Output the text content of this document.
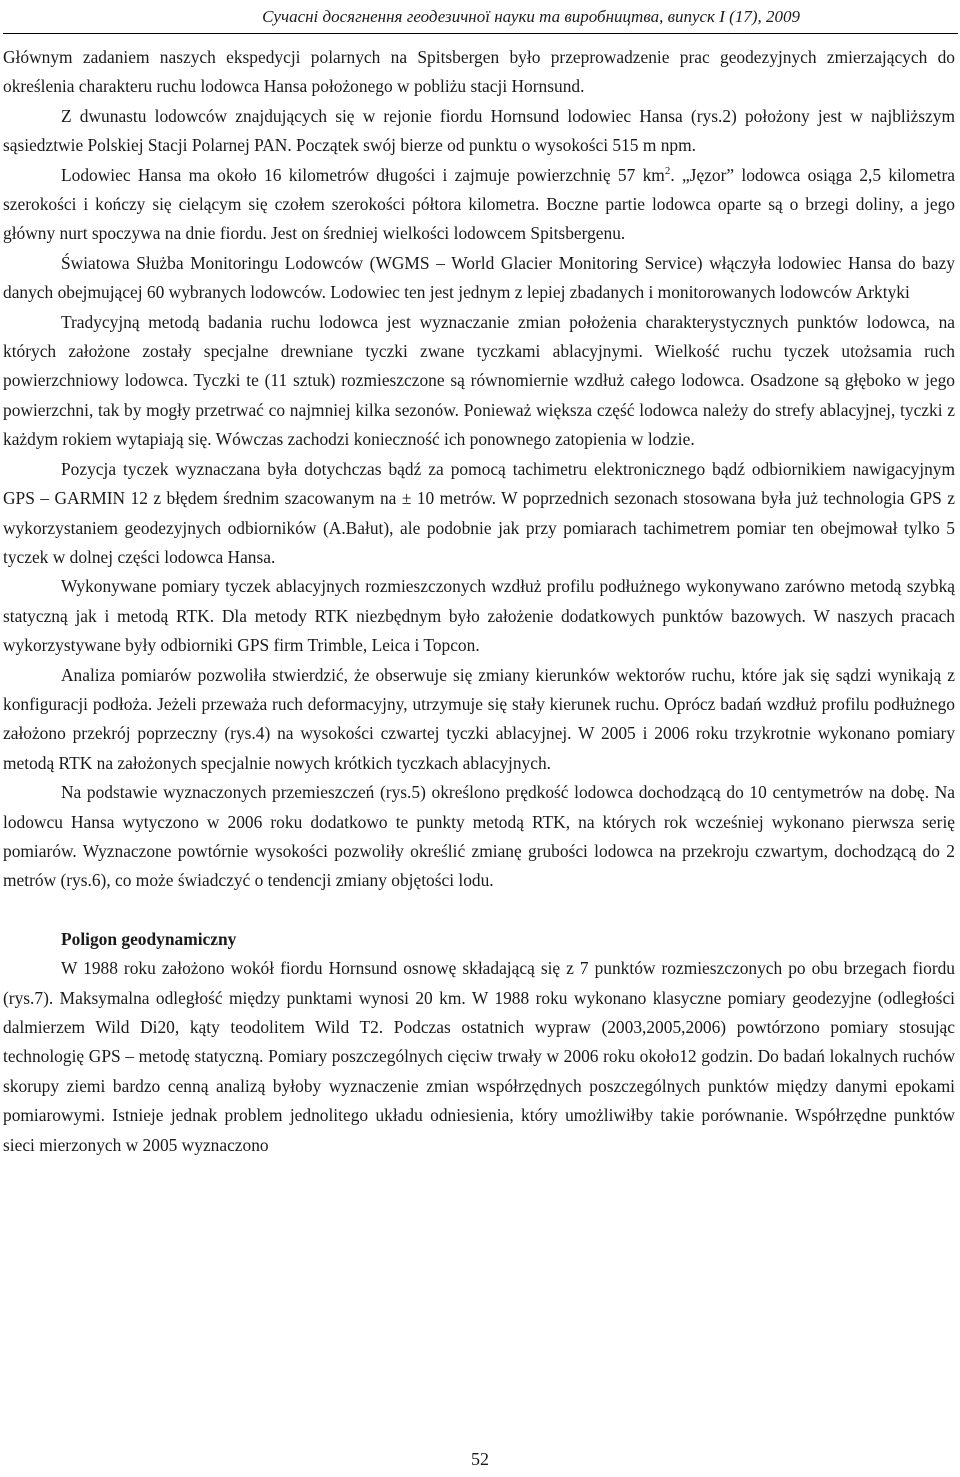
Сучасні досягнення геодезичної науки та виробництва, випуск I (17), 2009

Głównym zadaniem naszych ekspedycji polarnych na Spitsbergen było przeprowadzenie prac geodezyjnych zmierzających do określenia charakteru ruchu lodowca Hansa położonego w pobliżu stacji Hornsund.

Z dwunastu lodowców znajdujących się w rejonie fiordu Hornsund lodowiec Hansa (rys.2) położony jest w najbliższym sąsiedztwie Polskiej Stacji Polarnej PAN. Początek swój bierze od punktu o wysokości 515 m npm.

Lodowiec Hansa ma około 16 kilometrów długości i zajmuje powierzchnię 57 $km^2$. „Jęzor” lodowca osiąga 2,5 kilometra szerokości i kończy się cielącym się czołem szerokości półtora kilometra. Boczne partie lodowca oparte są o brzegi doliny, a jego główny nurt spoczywa na dnie fiordu. Jest on średniej wielkości lodowcem Spitsbergenu.

Światowa Służba Monitoringu Lodowców (WGMS – World Glacier Monitoring Service) włączyła lodowiec Hansa do bazy danych obejmującej 60 wybranych lodowców. Lodowiec ten jest jednym z lepiej zbadanych i monitorowanych lodowców Arktyki

Tradycyjną metodą badania ruchu lodowca jest wyznaczanie zmian położenia charakterystycznych punktów lodowca, na których założone zostały specjalne drewniane tyczki zwane tyczkami ablacyjnymi. Wielkość ruchu tyczek utożsamia ruch powierzchniowy lodowca. Tyczki te (11 sztuk) rozmieszczone są równomiernie wzdłuż całego lodowca. Osadzone są głęboko w jego powierzchni, tak by mogły przetrwać co najmniej kilka sezonów. Ponieważ większa część lodowca należy do strefy ablacyjnej, tyczki z każdym rokiem wytapiają się. Wówczas zachodzi konieczność ich ponownego zatopienia w lodzie.

Pozycja tyczek wyznaczana była dotychczas bądź za pomocą tachimetru elektronicznego bądź odbiornikiem nawigacyjnym GPS – GARMIN 12 z błędem średnim szacowanym na ± 10 metrów. W poprzednich sezonach stosowana była już technologia GPS z wykorzystaniem geodezyjnych odbiorników (A.Bałut), ale podobnie jak przy pomiarach tachimetrem pomiar ten obejmował tylko 5 tyczek w dolnej części lodowca Hansa.

Wykonywane pomiary tyczek ablacyjnych rozmieszczonych wzdłuż profilu podłużnego wykonywano zarówno metodą szybką statyczną jak i metodą RTK. Dla metody RTK niezbędnym było założenie dodatkowych punktów bazowych. W naszych pracach wykorzystywane były odbiorniki GPS firm Trimble, Leica i Topcon.

Analiza pomiarów pozwoliła stwierdzić, że obserwuje się zmiany kierunków wektorów ruchu, które jak się sądzi wynikają z konfiguracji podłoża. Jeżeli przeważa ruch deformacyjny, utrzymuje się stały kierunek ruchu. Oprócz badań wzdłuż profilu podłużnego założono przekrój poprzeczny (rys.4) na wysokości czwartej tyczki ablacyjnej. W 2005 i 2006 roku trzykrotnie wykonano pomiary metodą RTK na założonych specjalnie nowych krótkich tyczkach ablacyjnych.

Na podstawie wyznaczonych przemieszczeń (rys.5) określono prędkość lodowca dochodzącą do 10 centymetrów na dobę. Na lodowcu Hansa wytyczono w 2006 roku dodatkowo te punkty metodą RTK, na których rok wcześniej wykonano pierwsza serię pomiarów. Wyznaczone powtórnie wysokości pozwoliły określić zmianę grubości lodowca na przekroju czwartym, dochodzącą do 2 metrów (rys.6), co może świadczyć o tendencji zmiany objętości lodu.

Poligon geodynamiczny

W 1988 roku założono wokół fiordu Hornsund osnowę składającą się z 7 punktów rozmieszczonych po obu brzegach fiordu (rys.7). Maksymalna odległość między punktami wynosi 20 km. W 1988 roku wykonano klasyczne pomiary geodezyjne (odległości dalmierzem Wild Di20, kąty teodolitem Wild T2. Podczas ostatnich wypraw (2003,2005,2006) powtórzono pomiary stosując technologię GPS – metodę statyczną. Pomiary poszczególnych cięciw trwały w 2006 roku około12 godzin. Do badań lokalnych ruchów skorupy ziemi bardzo cenną analizą byłoby wyznaczenie zmian współrzędnych poszczególnych punktów między danymi epokami pomiarowymi. Istnieje jednak problem jednolitego układu odniesienia, który umożliwiłby takie porównanie. Współrzędne punktów sieci mierzonych w 2005 wyznaczono

52
